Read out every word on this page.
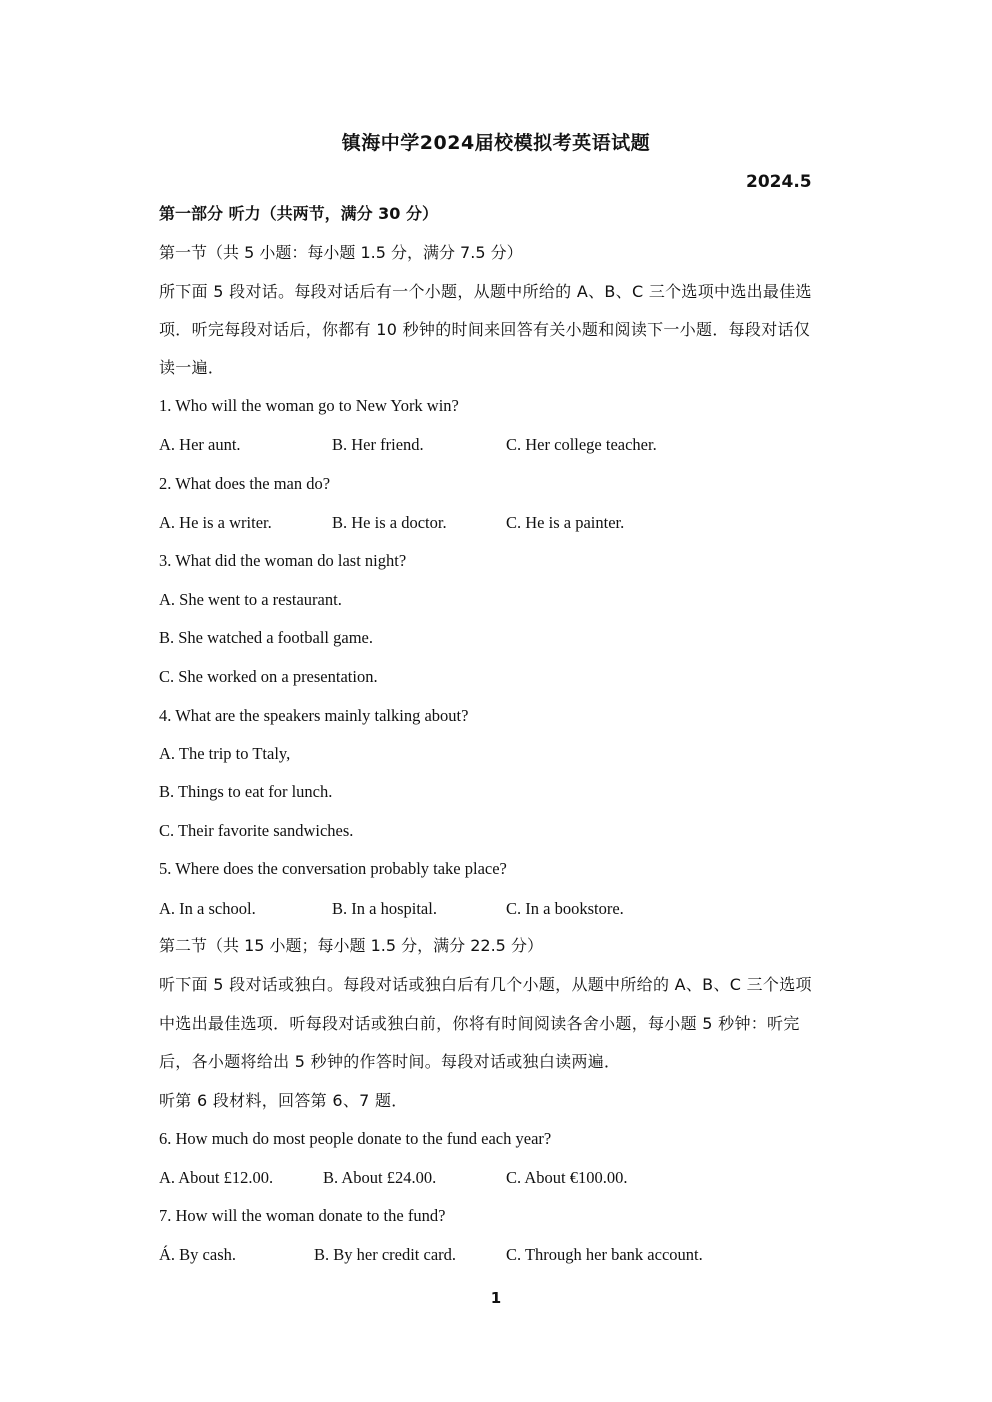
镇海中学2024届校模拟考英语试题
2024.5
第一部分 听力（共两节，满分 30 分）
第一节（共 5 小题：每小题 1.5 分，满分 7.5 分）
所下面 5 段对话。每段对话后有一个小题，从题中所给的 A、B、C 三个选项中选出最佳选
项．听完每段对话后，你都有 10 秒钟的时间来回答有关小题和阅读下一小题．每段对话仅
读一遍．
1. Who will the woman go to New York win?
A. Her aunt.	B. Her friend.	C. Her college teacher.
2. What does the man do?
A. He is a writer.	B. He is a doctor.	C. He is a painter.
3. What did the woman do last night?
A. She went to a restaurant.
B. She watched a football game.
C. She worked on a presentation.
4. What are the speakers mainly talking about?
A. The trip to Ttaly,
B. Things to eat for lunch.
C. Their favorite sandwiches.
5. Where does the conversation probably take place?
A. In a school.	B. In a hospital.	C. In a bookstore.
第二节（共 15 小题；每小题 1.5 分，满分 22.5 分）
听下面 5 段对话或独白。每段对话或独白后有几个小题，从题中所给的 A、B、C 三个选项
中选出最佳选项．听每段对话或独白前，你将有时间阅读各舍小题，每小题 5 秒钟：听完
后，各小题将给出 5 秒钟的作答时间。每段对话或独白读两遍．
听第 6 段材料，回答第 6、7 题．
6. How much do most people donate to the fund each year?
A. About £12.00.	B. About £24.00.	C. About €100.00.
7. How will the woman donate to the fund?
Á. By cash.	B. By her credit card.	C. Through her bank account.
1
